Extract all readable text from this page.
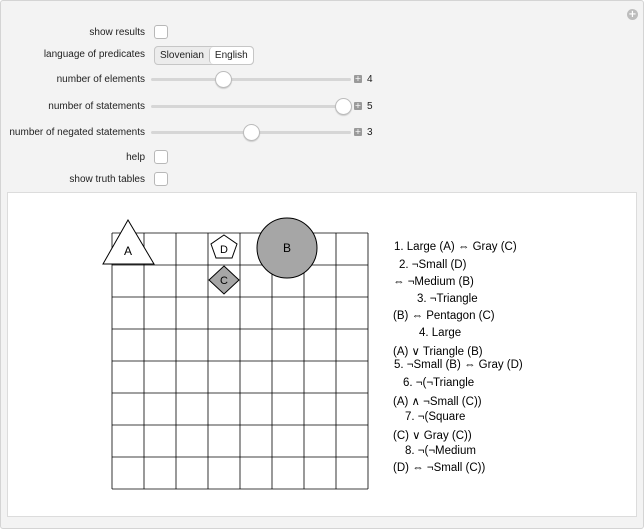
+
show results
language of predicates	Slovenian	English
number of elements	+ 4
number of statements	+ 5
number of negated statements	+ 3
help
show truth tables
A	D	B
C
1. Large (A) ⇔ Gray (C)
2. ¬Small (D)
⇔ ¬Medium (B)
3. ¬Triangle
(B) ⇔ Pentagon (C)
4. Large
(A) ∨ Triangle (B)
5. ¬Small (B) ⇔ Gray (D)
6. ¬(¬Triangle
(A) ∧ ¬Small (C))
7. ¬(Square
(C) ∨ Gray (C))
8. ¬(¬Medium
(D) ⇔ ¬Small (C))
